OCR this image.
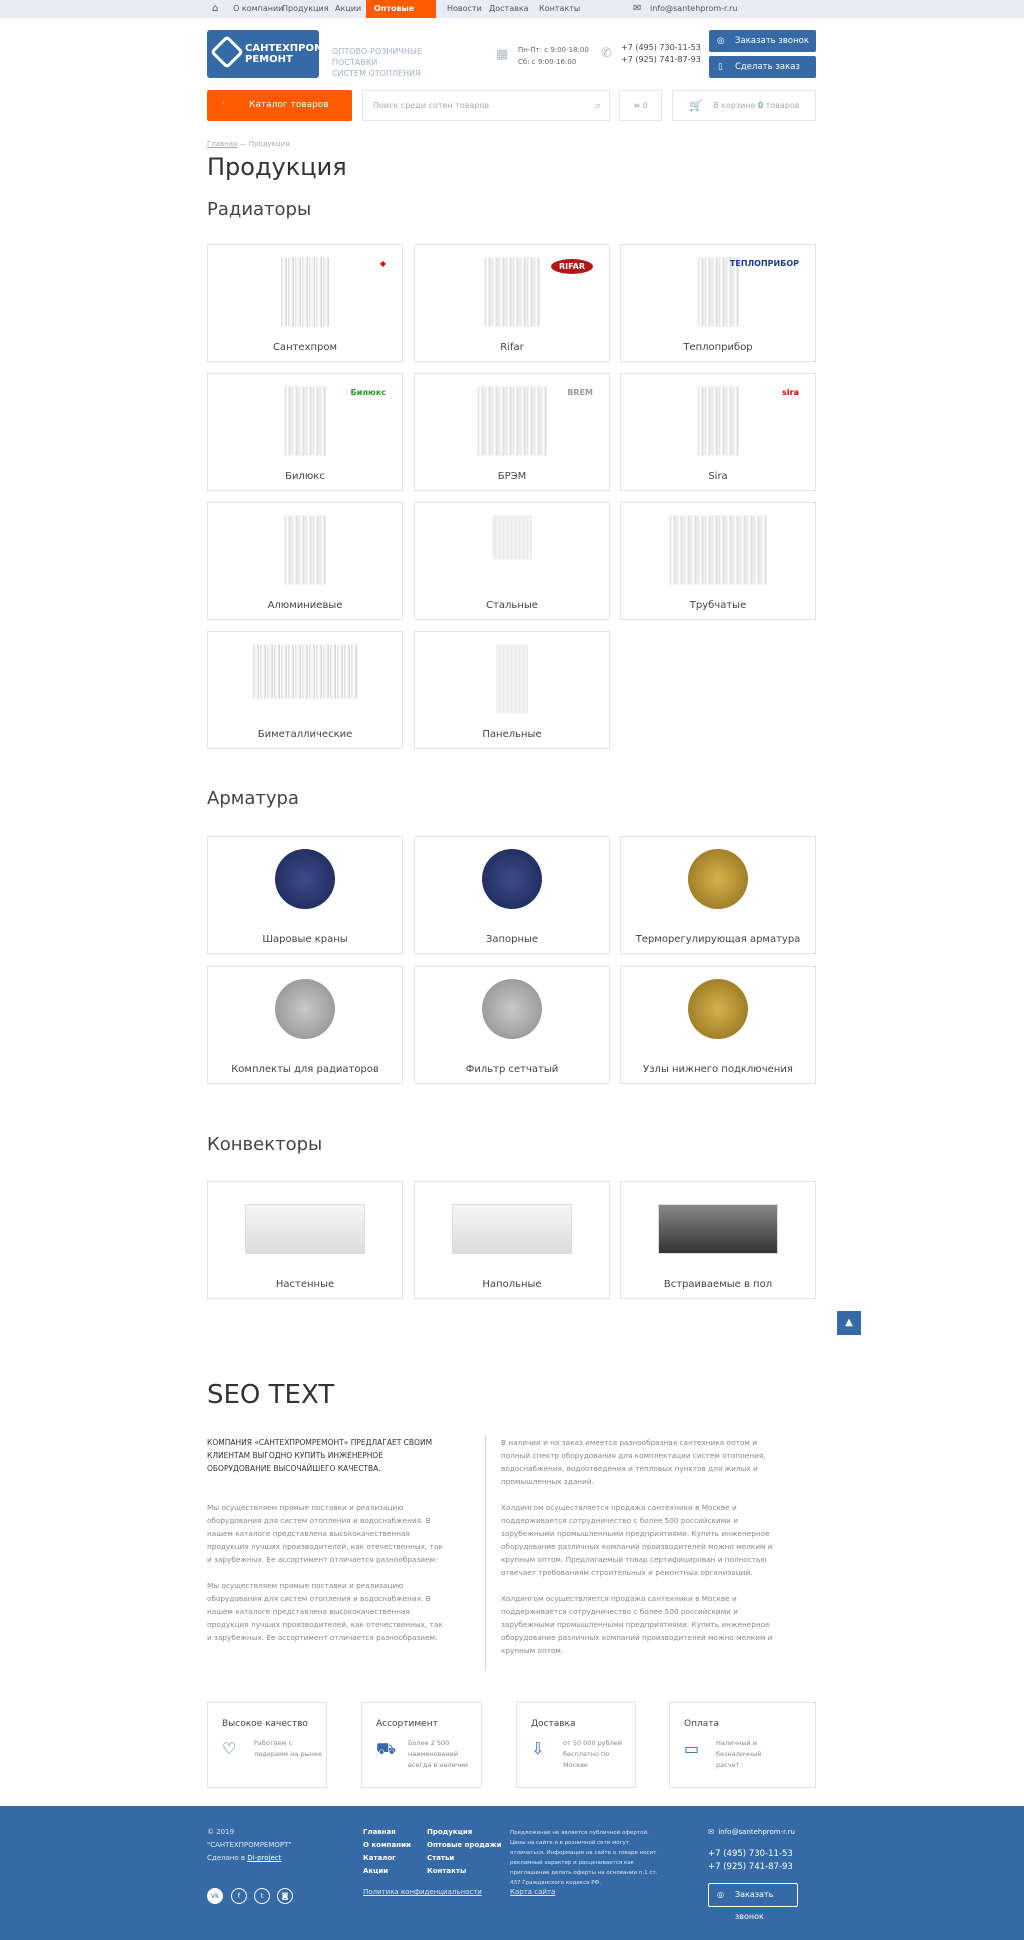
⌂ О компании
Продукция Акции	Оптовые продажи
Новости Доставка Контакты	✉ info@santehprom-r.ru
САНТЕХПРОМ РЕМОНТ
ОПТОВО-РОЗНИЧНЫЕ ПОСТАВКИ
СИСТЕМ ОТОПЛЕНИЯ
▦ Пн-Пт: с 9:00-18:00
Сб: с 9:00-16:00
✆ +7 (495) 730-11-53
+7 (925) 741-87-93
◎ Заказать звонок
▯ Сделать заказ
⫶	Каталог товаров	Поиск среди сотен товаров	⌕	≡ 0	🛒 В корзине 0 товаров
Главная — Продукция
Продукция
Радиаторы
Арматура
Конвекторы
◆
Сантехпром
RIFAR
Rifar
ТЕПЛОПРИБОР
Теплоприбор
Билюкс
Билюкс
BREM
БРЭМ
sira
Sira
Алюминиевые	Стальные	Трубчатые
Биметаллические	Панельные
Шаровые краны	Запорные	Терморегулирующая арматура
Комплекты для радиаторов	Фильтр сетчатый	Узлы нижнего подключения
Настенные	Напольные	Встраиваемые в пол
SEO TEXT
КОМПАНИЯ «САНТЕХПРОМРЕМОНТ» ПРЕДЛАГАЕТ СВОИМ КЛИЕНТАМ ВЫГОДНО КУПИТЬ ИНЖЕНЕРНОЕ ОБОРУДОВАНИЕ ВЫСОЧАЙШЕГО КАЧЕСТВА.

Мы осуществляем прямые поставки и реализацию оборудования для систем отопления и водоснабжения. В нашем каталоге представлена высококачественная продукция лучших производителей, как отечественных, так и зарубежных. Ее ассортимент отличается разнообразием:

Мы осуществляем прямые поставки и реализацию оборудования для систем отопления и водоснабжения. В нашем каталоге представлена высококачественная продукция лучших производителей, как отечественных, так и зарубежных. Ее ассортимент отличается разнообразием:

В наличии и на заказ имеется разнообразная сантехника оптом и полный спектр оборудования для комплектации систем отопления, водоснабжения, водоотведения и тепловых пунктов для жилых и промышленных зданий.

Холдингом осуществляется продажа сантехники в Москве и поддерживается сотрудничество с более 500 российскими и зарубежными промышленными предприятиями. Купить инженерное оборудование различных компаний производителей можно мелким и крупным оптом. Предлагаемый товар сертифицирован и полностью отвечает требованиям строительных и ремонтных организаций.

Холдингом осуществляется продажа сантехники в Москве и поддерживается сотрудничество с более 500 российскими и зарубежными промышленными предприятиями. Купить инженерное оборудование различных компаний производителей можно мелким и крупным оптом.

Высокое качество
♡	Работаем с лидерами на рынке
Ассортимент
⛟ Более 2 500 наименований всегда в наличии
Доставка
⇩	от 50 000 рублей бесплатно по Москве
Оплата
▭	Наличный и безналичный расчет
▲
© 2019
"САНТЕХПРОМРЕМОРТ"
Сделано в Di-project
Главная
О компании
Каталог
Акции
Продукция
Оптовые продажи
Статьи
Контакты
Предложение не является публичной офертой. Цены на сайте и в розничной сети могут отличаться. Информация на сайте о товаре носит рекламный характер и расценивается как приглашение делать оферты на основании п.1 ст. 437 Гражданского кодекса РФ.
Политика конфиденциальности	Карта сайта
✉ info@santehprom-r.ru
+7 (495) 730-11-53
+7 (925) 741-87-93
◎ Заказать звонок
vk	f	t	◙
